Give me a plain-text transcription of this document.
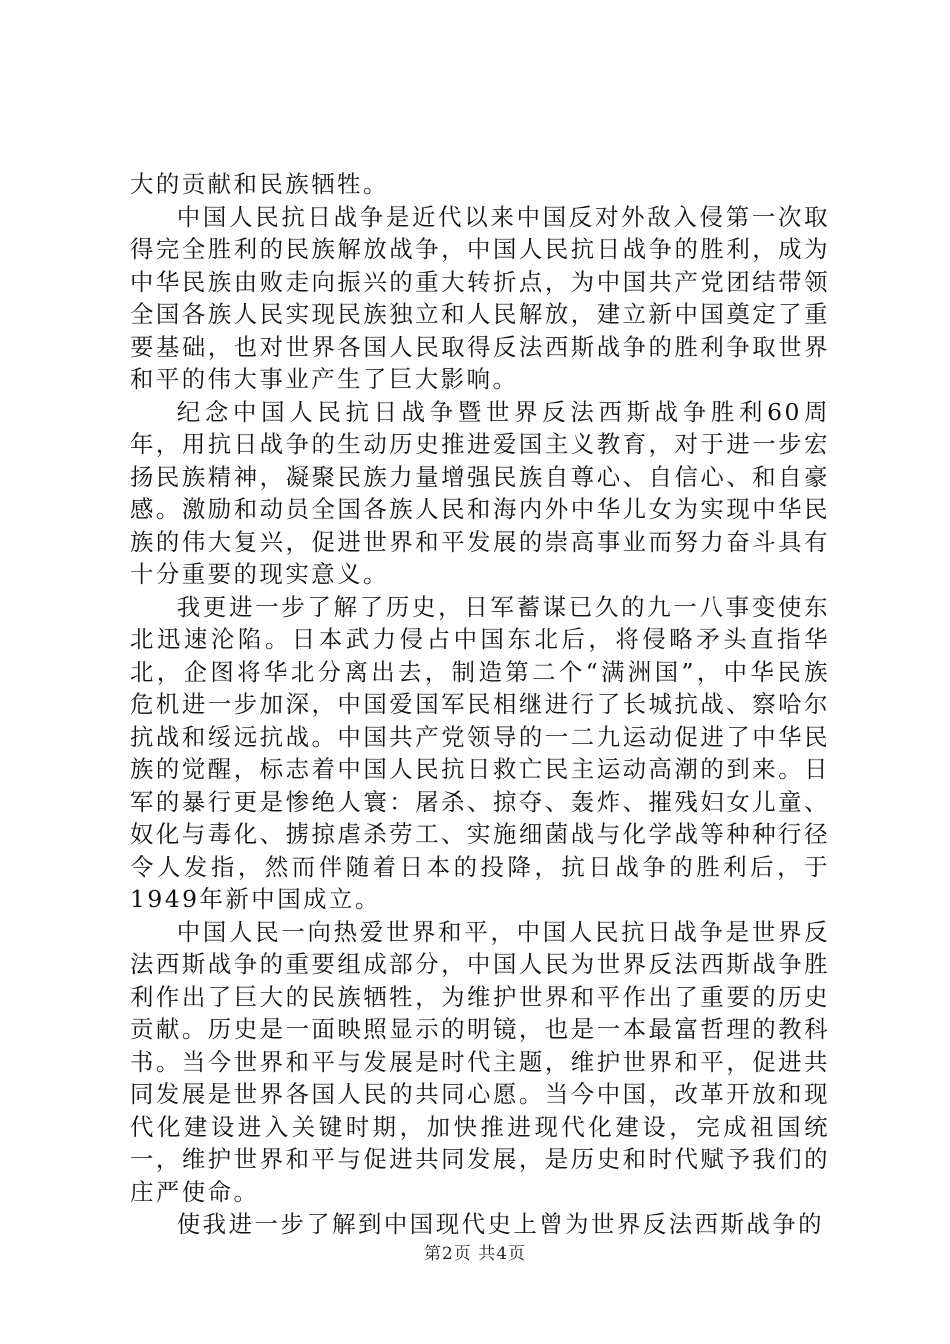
大的贡献和民族牺牲。

中国人民抗日战争是近代以来中国反对外敌入侵第一次取得完全胜利的民族解放战争，中国人民抗日战争的胜利，成为中华民族由败走向振兴的重大转折点，为中国共产党团结带领全国各族人民实现民族独立和人民解放，建立新中国奠定了重要基础，也对世界各国人民取得反法西斯战争的胜利争取世界和平的伟大事业产生了巨大影响。

纪念中国人民抗日战争暨世界反法西斯战争胜利60周年，用抗日战争的生动历史推进爱国主义教育，对于进一步宏扬民族精神，凝聚民族力量增强民族自尊心、自信心、和自豪感。激励和动员全国各族人民和海内外中华儿女为实现中华民族的伟大复兴，促进世界和平发展的崇高事业而努力奋斗具有十分重要的现实意义。

我更进一步了解了历史，日军蓄谋已久的九一八事变使东北迅速沦陷。日本武力侵占中国东北后，将侵略矛头直指华北，企图将华北分离出去，制造第二个“满洲国”，中华民族危机进一步加深，中国爱国军民相继进行了长城抗战、察哈尔抗战和绥远抗战。中国共产党领导的一二九运动促进了中华民族的觉醒，标志着中国人民抗日救亡民主运动高潮的到来。日军的暴行更是惨绝人寰：屠杀、掠夺、轰炸、摧残妇女儿童、奴化与毒化、掳掠虐杀劳工、实施细菌战与化学战等种种行径令人发指，然而伴随着日本的投降，抗日战争的胜利后，于1949年新中国成立。

中国人民一向热爱世界和平，中国人民抗日战争是世界反法西斯战争的重要组成部分，中国人民为世界反法西斯战争胜利作出了巨大的民族牺牲，为维护世界和平作出了重要的历史贡献。历史是一面映照显示的明镜，也是一本最富哲理的教科书。当今世界和平与发展是时代主题，维护世界和平，促进共同发展是世界各国人民的共同心愿。当今中国，改革开放和现代化建设进入关键时期，加快推进现代化建设，完成祖国统一，维护世界和平与促进共同发展，是历史和时代赋予我们的庄严使命。

使我进一步了解到中国现代史上曾为世界反法西斯战争的

第2页 共4页
